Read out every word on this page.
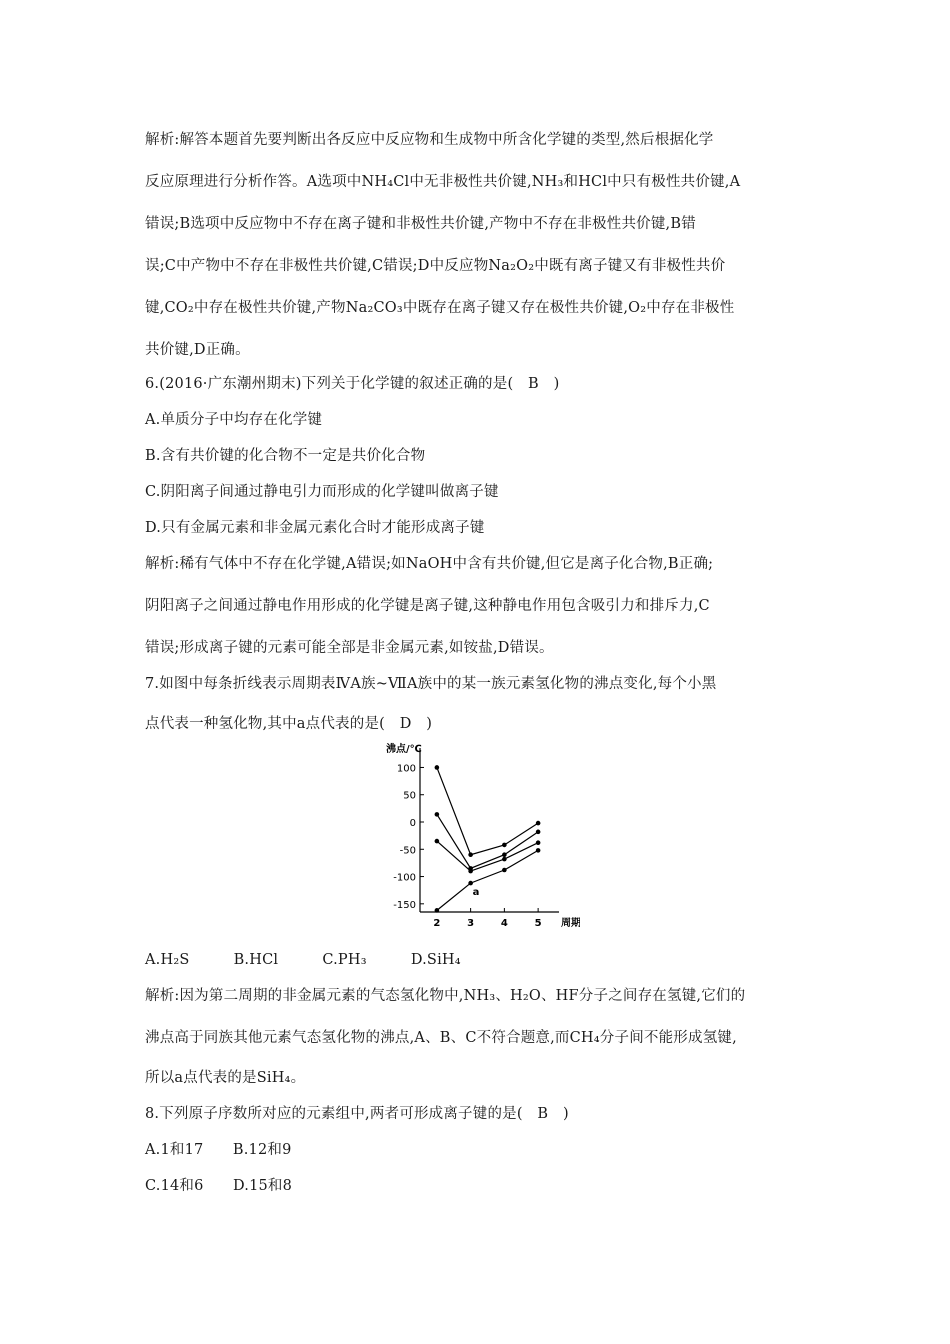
解析:解答本题首先要判断出各反应中反应物和生成物中所含化学键的类型,然后根据化学
反应原理进行分析作答。A选项中NH₄Cl中无非极性共价键,NH₃和HCl中只有极性共价键,A
错误;B选项中反应物中不存在离子键和非极性共价键,产物中不存在非极性共价键,B错
误;C中产物中不存在非极性共价键,C错误;D中反应物Na₂O₂中既有离子键又有非极性共价
键,CO₂中存在极性共价键,产物Na₂CO₃中既存在离子键又存在极性共价键,O₂中存在非极性
共价键,D正确。
6.(2016·广东潮州期末)下列关于化学键的叙述正确的是(　B　)
A.单质分子中均存在化学键
B.含有共价键的化合物不一定是共价化合物
C.阴阳离子间通过静电引力而形成的化学键叫做离子键
D.只有金属元素和非金属元素化合时才能形成离子键
解析:稀有气体中不存在化学键,A错误;如NaOH中含有共价键,但它是离子化合物,B正确;
阴阳离子之间通过静电作用形成的化学键是离子键,这种静电作用包含吸引力和排斥力,C
错误;形成离子键的元素可能全部是非金属元素,如铵盐,D错误。
7.如图中每条折线表示周期表ⅣA族~ⅦA族中的某一族元素氢化物的沸点变化,每个小黑
点代表一种氢化物,其中a点代表的是(　D　)
A.H₂S　　　B.HCl　　　C.PH₃　　　D.SiH₄
解析:因为第二周期的非金属元素的气态氢化物中,NH₃、H₂O、HF分子之间存在氢键,它们的
沸点高于同族其他元素气态氢化物的沸点,A、B、C不符合题意,而CH₄分子间不能形成氢键,
所以a点代表的是SiH₄。
8.下列原子序数所对应的元素组中,两者可形成离子键的是(　B　)
A.1和17　　B.12和9
C.14和6　　D.15和8
100
50
0
-50
-100
-150
2	3	4	5
沸点/℃
周期
a
